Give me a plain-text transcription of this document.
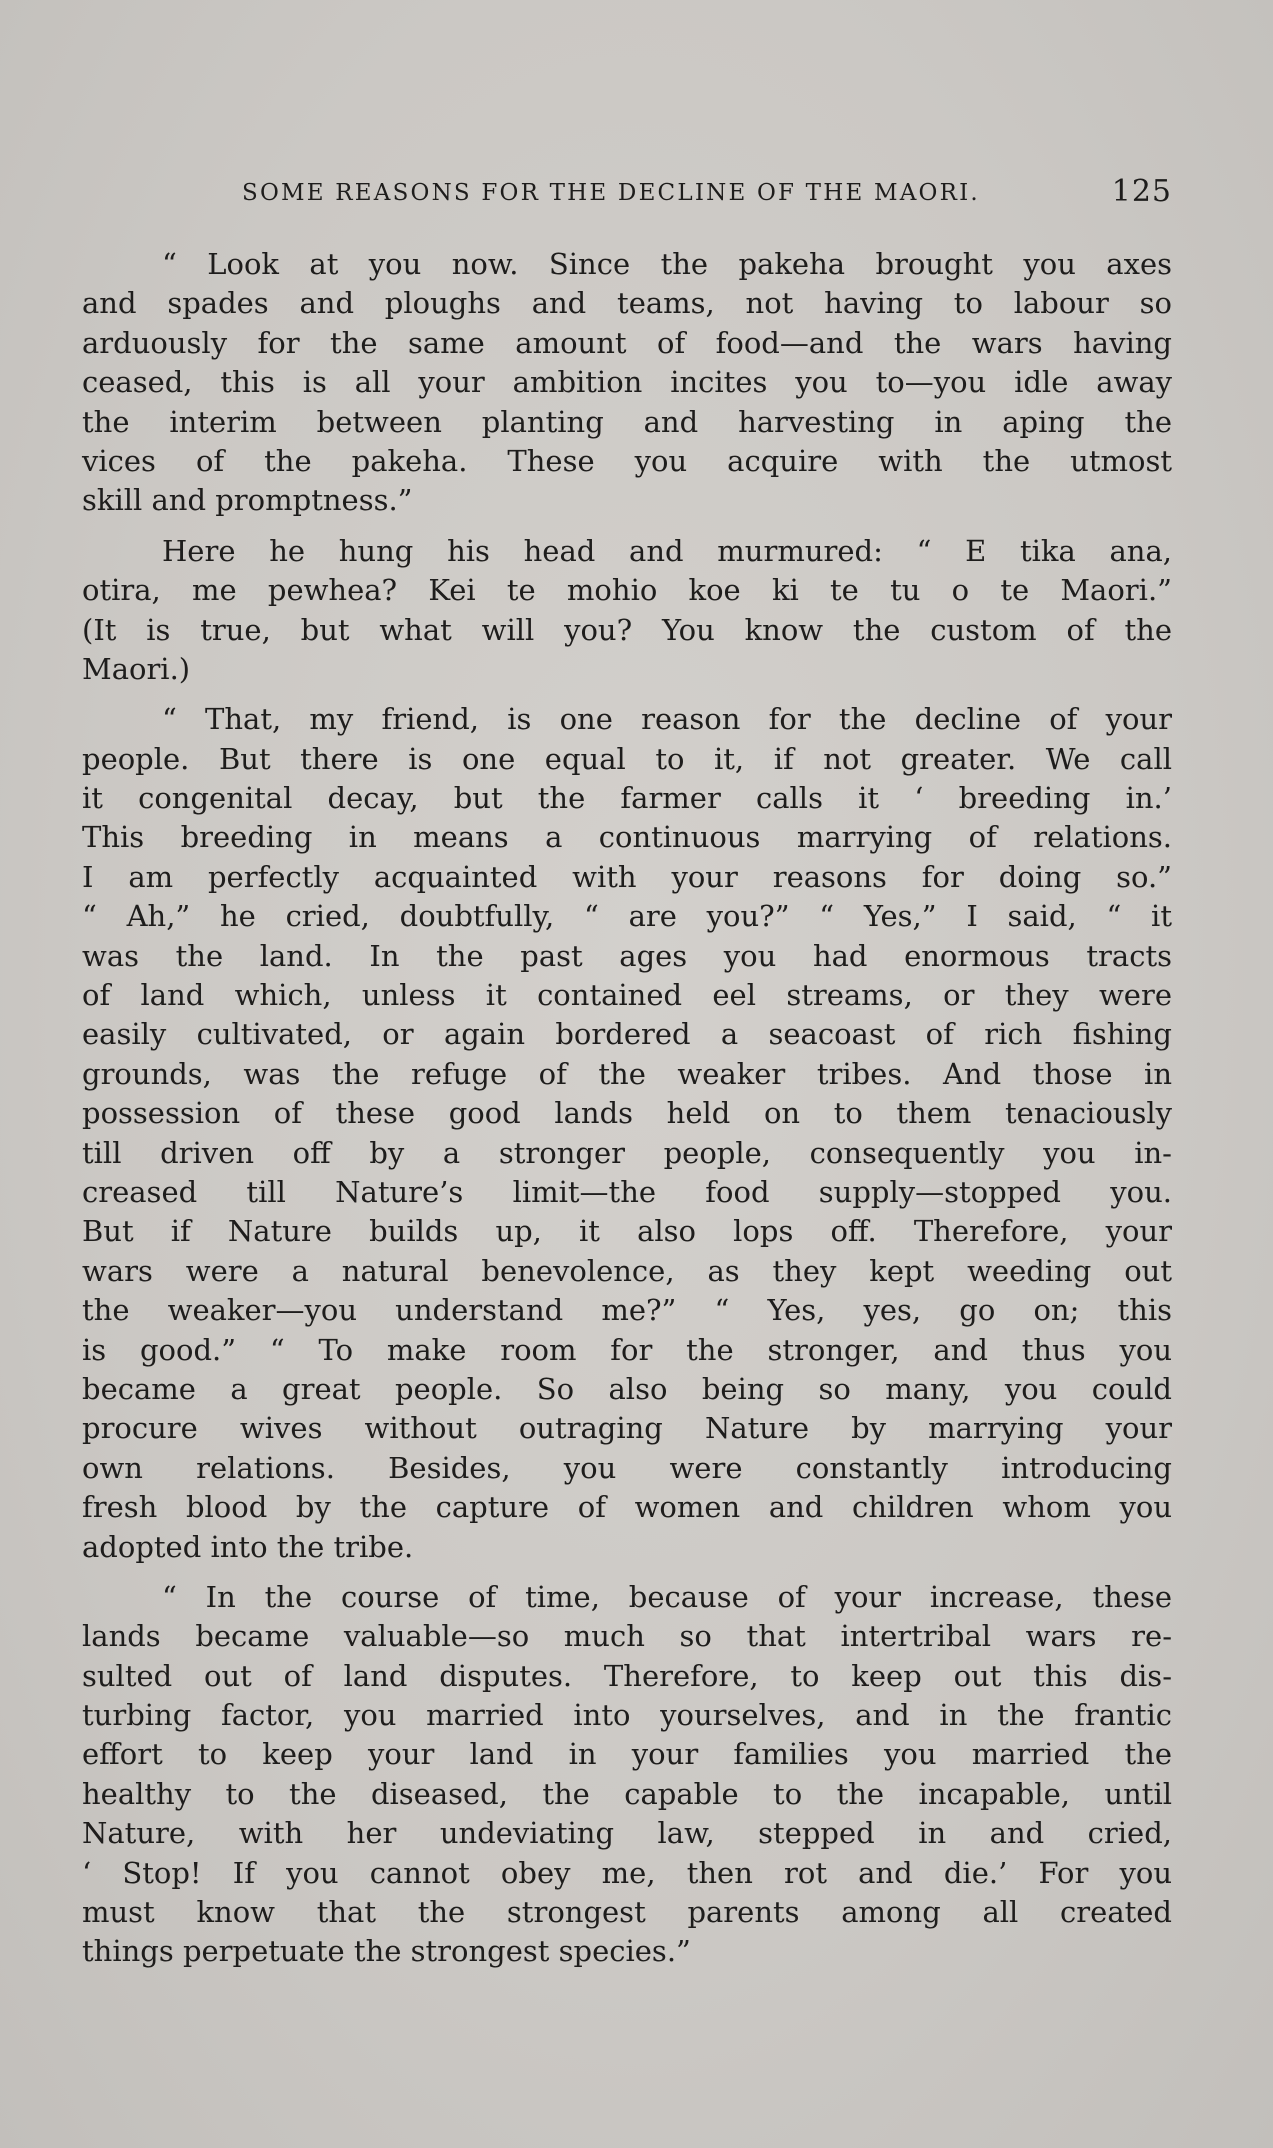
SOME REASONS FOR THE DECLINE OF THE MAORI.	125
“ Look at you now. Since the pakeha brought you axes
and spades and ploughs and teams, not having to labour so
arduously for the same amount of food—and the wars having
ceased, this is all your ambition incites you to—you idle away
the interim between planting and harvesting in aping the
vices of the pakeha. These you acquire with the utmost
skill and promptness.”
Here he hung his head and murmured: “ E tika ana,
otira, me pewhea? Kei te mohio koe ki te tu o te Maori.”
(It is true, but what will you? You know the custom of the
Maori.)
“ That, my friend, is one reason for the decline of your
people. But there is one equal to it, if not greater. We call
it congenital decay, but the farmer calls it ‘ breeding in.’
This breeding in means a continuous marrying of relations.
I am perfectly acquainted with your reasons for doing so.”
“ Ah,” he cried, doubtfully, “ are you?” “ Yes,” I said, “ it
was the land. In the past ages you had enormous tracts
of land which, unless it contained eel streams, or they were
easily cultivated, or again bordered a seacoast of rich fishing
grounds, was the refuge of the weaker tribes. And those in
possession of these good lands held on to them tenaciously
till driven off by a stronger people, consequently you in-
creased till Nature’s limit—the food supply—stopped you.
But if Nature builds up, it also lops off. Therefore, your
wars were a natural benevolence, as they kept weeding out
the weaker—you understand me?” “ Yes, yes, go on; this
is good.” “ To make room for the stronger, and thus you
became a great people. So also being so many, you could
procure wives without outraging Nature by marrying your
own relations. Besides, you were constantly introducing
fresh blood by the capture of women and children whom you
adopted into the tribe.
“ In the course of time, because of your increase, these
lands became valuable—so much so that intertribal wars re-
sulted out of land disputes. Therefore, to keep out this dis-
turbing factor, you married into yourselves, and in the frantic
effort to keep your land in your families you married the
healthy to the diseased, the capable to the incapable, until
Nature, with her undeviating law, stepped in and cried,
‘ Stop! If you cannot obey me, then rot and die.’ For you
must know that the strongest parents among all created
things perpetuate the strongest species.”
